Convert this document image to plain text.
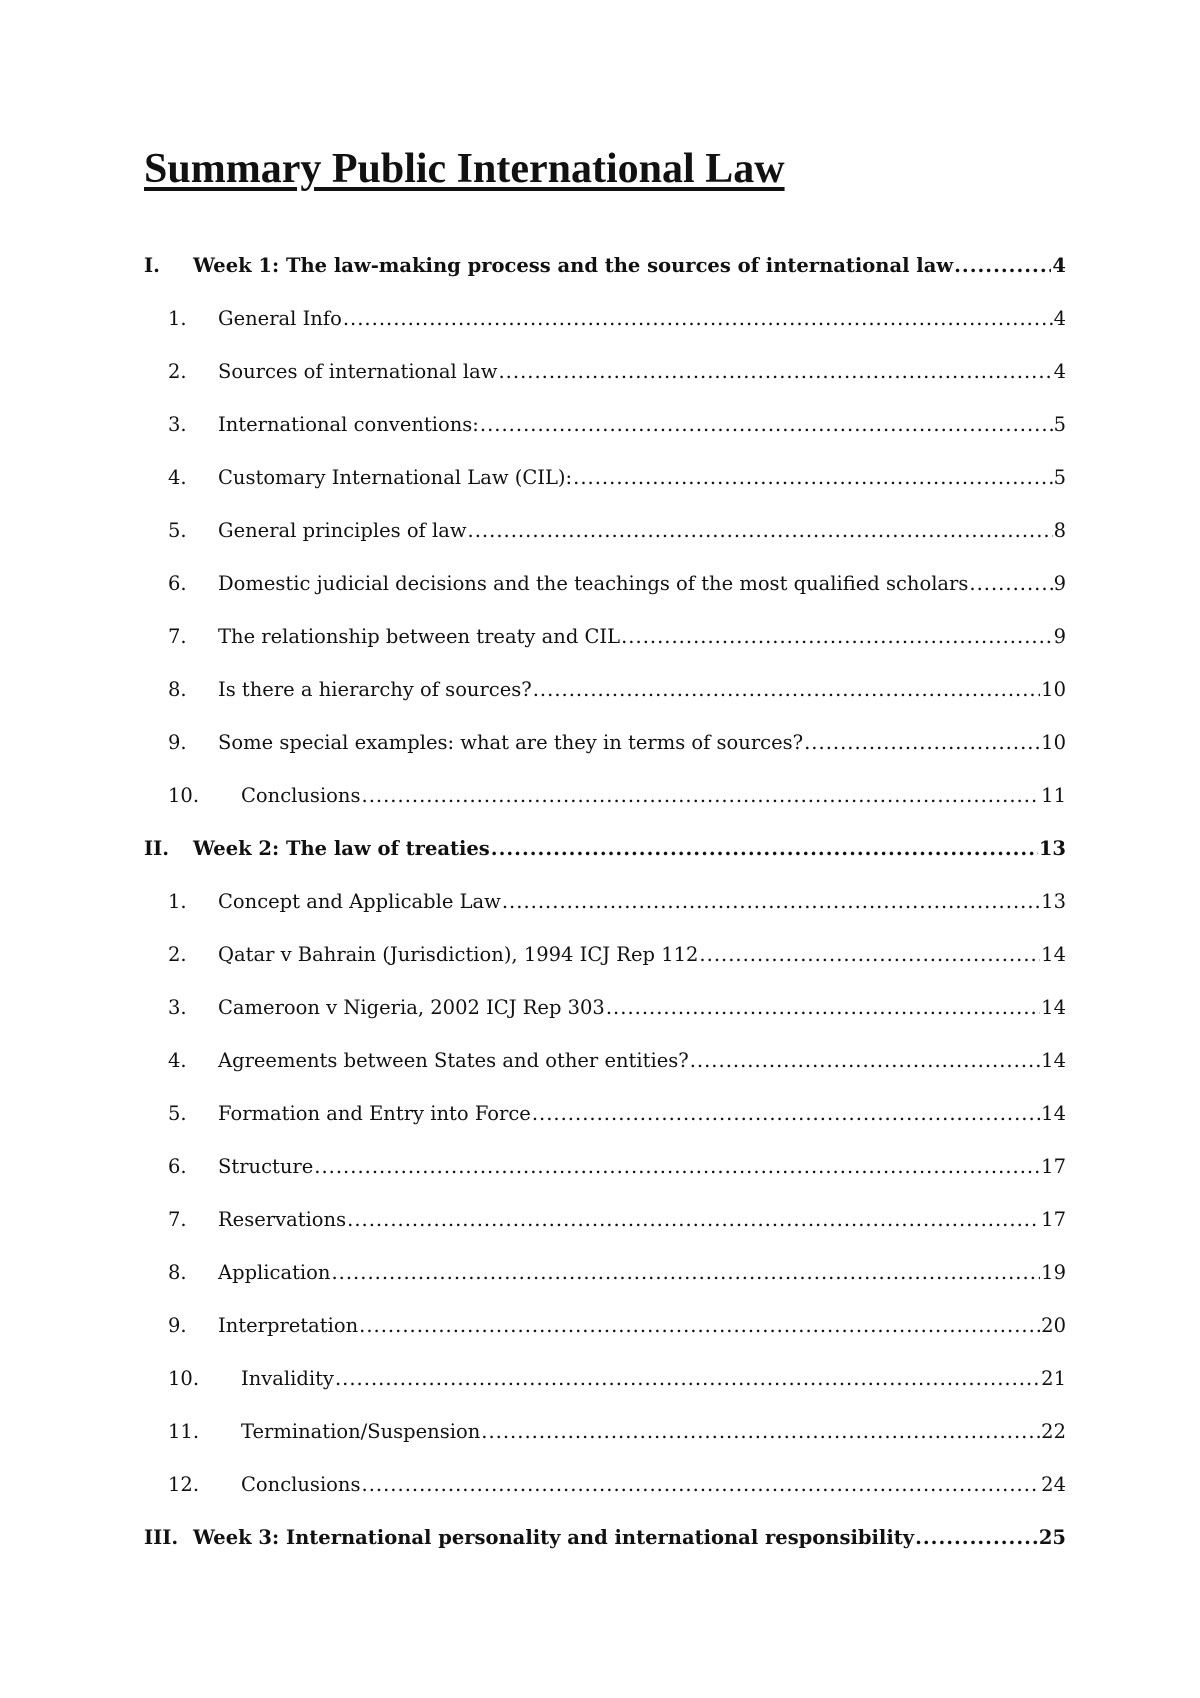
Summary Public International Law
I.	Week 1: The law-making process and the sources of international law .....	4
1.	General Info .....	4
2.	Sources of international law .....	4
3.	International conventions: .....	5
4.	Customary International Law (CIL): .....	5
5.	General principles of law .....	8
6.	Domestic judicial decisions and the teachings of the most qualified scholars .....	9
7.	The relationship between treaty and CIL .....	9
8.	Is there a hierarchy of sources? .....	10
9.	Some special examples: what are they in terms of sources? .....	10
10.	Conclusions .....	11
II.	Week 2: The law of treaties .....	13
1.	Concept and Applicable Law .....	13
2.	Qatar v Bahrain (Jurisdiction), 1994 ICJ Rep 112 .....	14
3.	Cameroon v Nigeria, 2002 ICJ Rep 303 .....	14
4.	Agreements between States and other entities? .....	14
5.	Formation and Entry into Force .....	14
6.	Structure .....	17
7.	Reservations .....	17
8.	Application .....	19
9.	Interpretation .....	20
10.	Invalidity .....	21
11.	Termination/Suspension .....	22
12.	Conclusions .....	24
III. Week 3: International personality and international responsibility .....	25
